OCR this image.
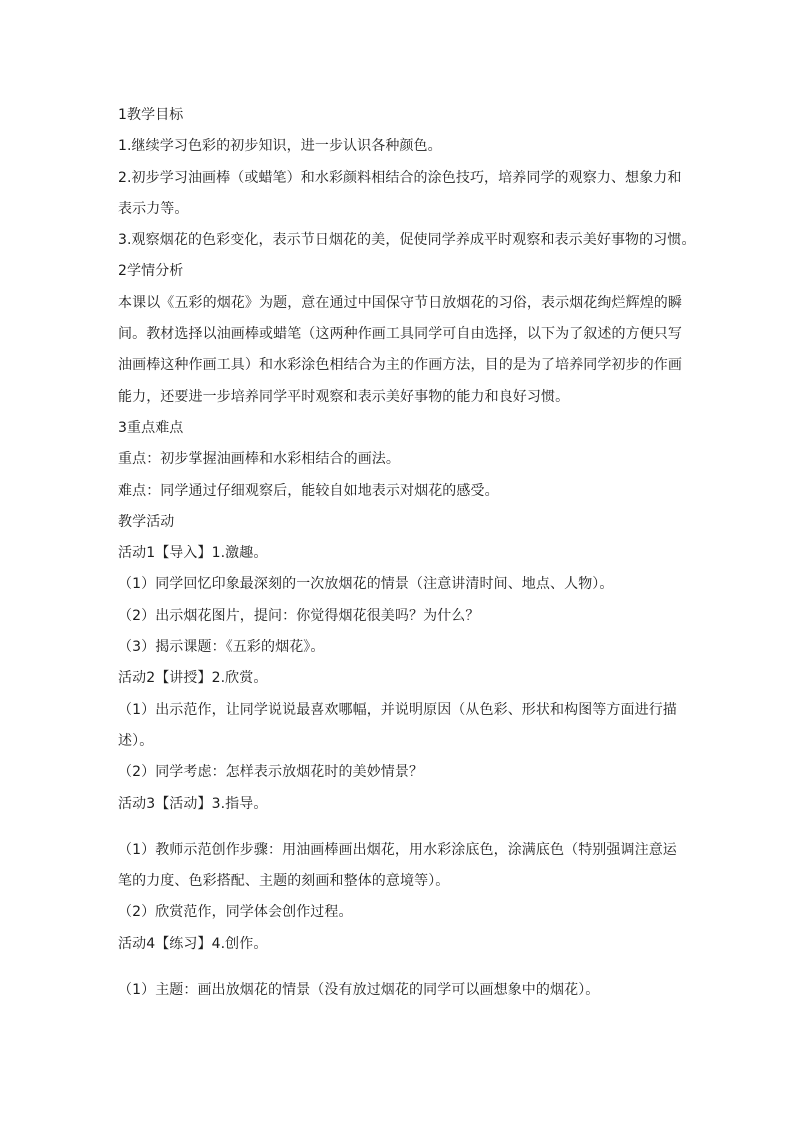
1教学目标
1.继续学习色彩的初步知识，进一步认识各种颜色。
2.初步学习油画棒（或蜡笔）和水彩颜料相结合的涂色技巧，培养同学的观察力、想象力和
表示力等。
3.观察烟花的色彩变化，表示节日烟花的美，促使同学养成平时观察和表示美好事物的习惯。
2学情分析
本课以《五彩的烟花》为题，意在通过中国保守节日放烟花的习俗，表示烟花绚烂辉煌的瞬
间。教材选择以油画棒或蜡笔（这两种作画工具同学可自由选择，以下为了叙述的方便只写
油画棒这种作画工具）和水彩涂色相结合为主的作画方法，目的是为了培养同学初步的作画
能力，还要进一步培养同学平时观察和表示美好事物的能力和良好习惯。
3重点难点
重点：初步掌握油画棒和水彩相结合的画法。
难点：同学通过仔细观察后，能较自如地表示对烟花的感受。
教学活动
活动1【导入】1.激趣。
（1）同学回忆印象最深刻的一次放烟花的情景（注意讲清时间、地点、人物）。
（2）出示烟花图片，提问：你觉得烟花很美吗？为什么？
（3）揭示课题：《五彩的烟花》。
活动2【讲授】2.欣赏。
（1）出示范作，让同学说说最喜欢哪幅，并说明原因（从色彩、形状和构图等方面进行描
述）。
（2）同学考虑：怎样表示放烟花时的美妙情景？
活动3【活动】3.指导。
（1）教师示范创作步骤：用油画棒画出烟花，用水彩涂底色，涂满底色（特别强调注意运
笔的力度、色彩搭配、主题的刻画和整体的意境等）。
（2）欣赏范作，同学体会创作过程。
活动4【练习】4.创作。
（1）主题：画出放烟花的情景（没有放过烟花的同学可以画想象中的烟花）。
